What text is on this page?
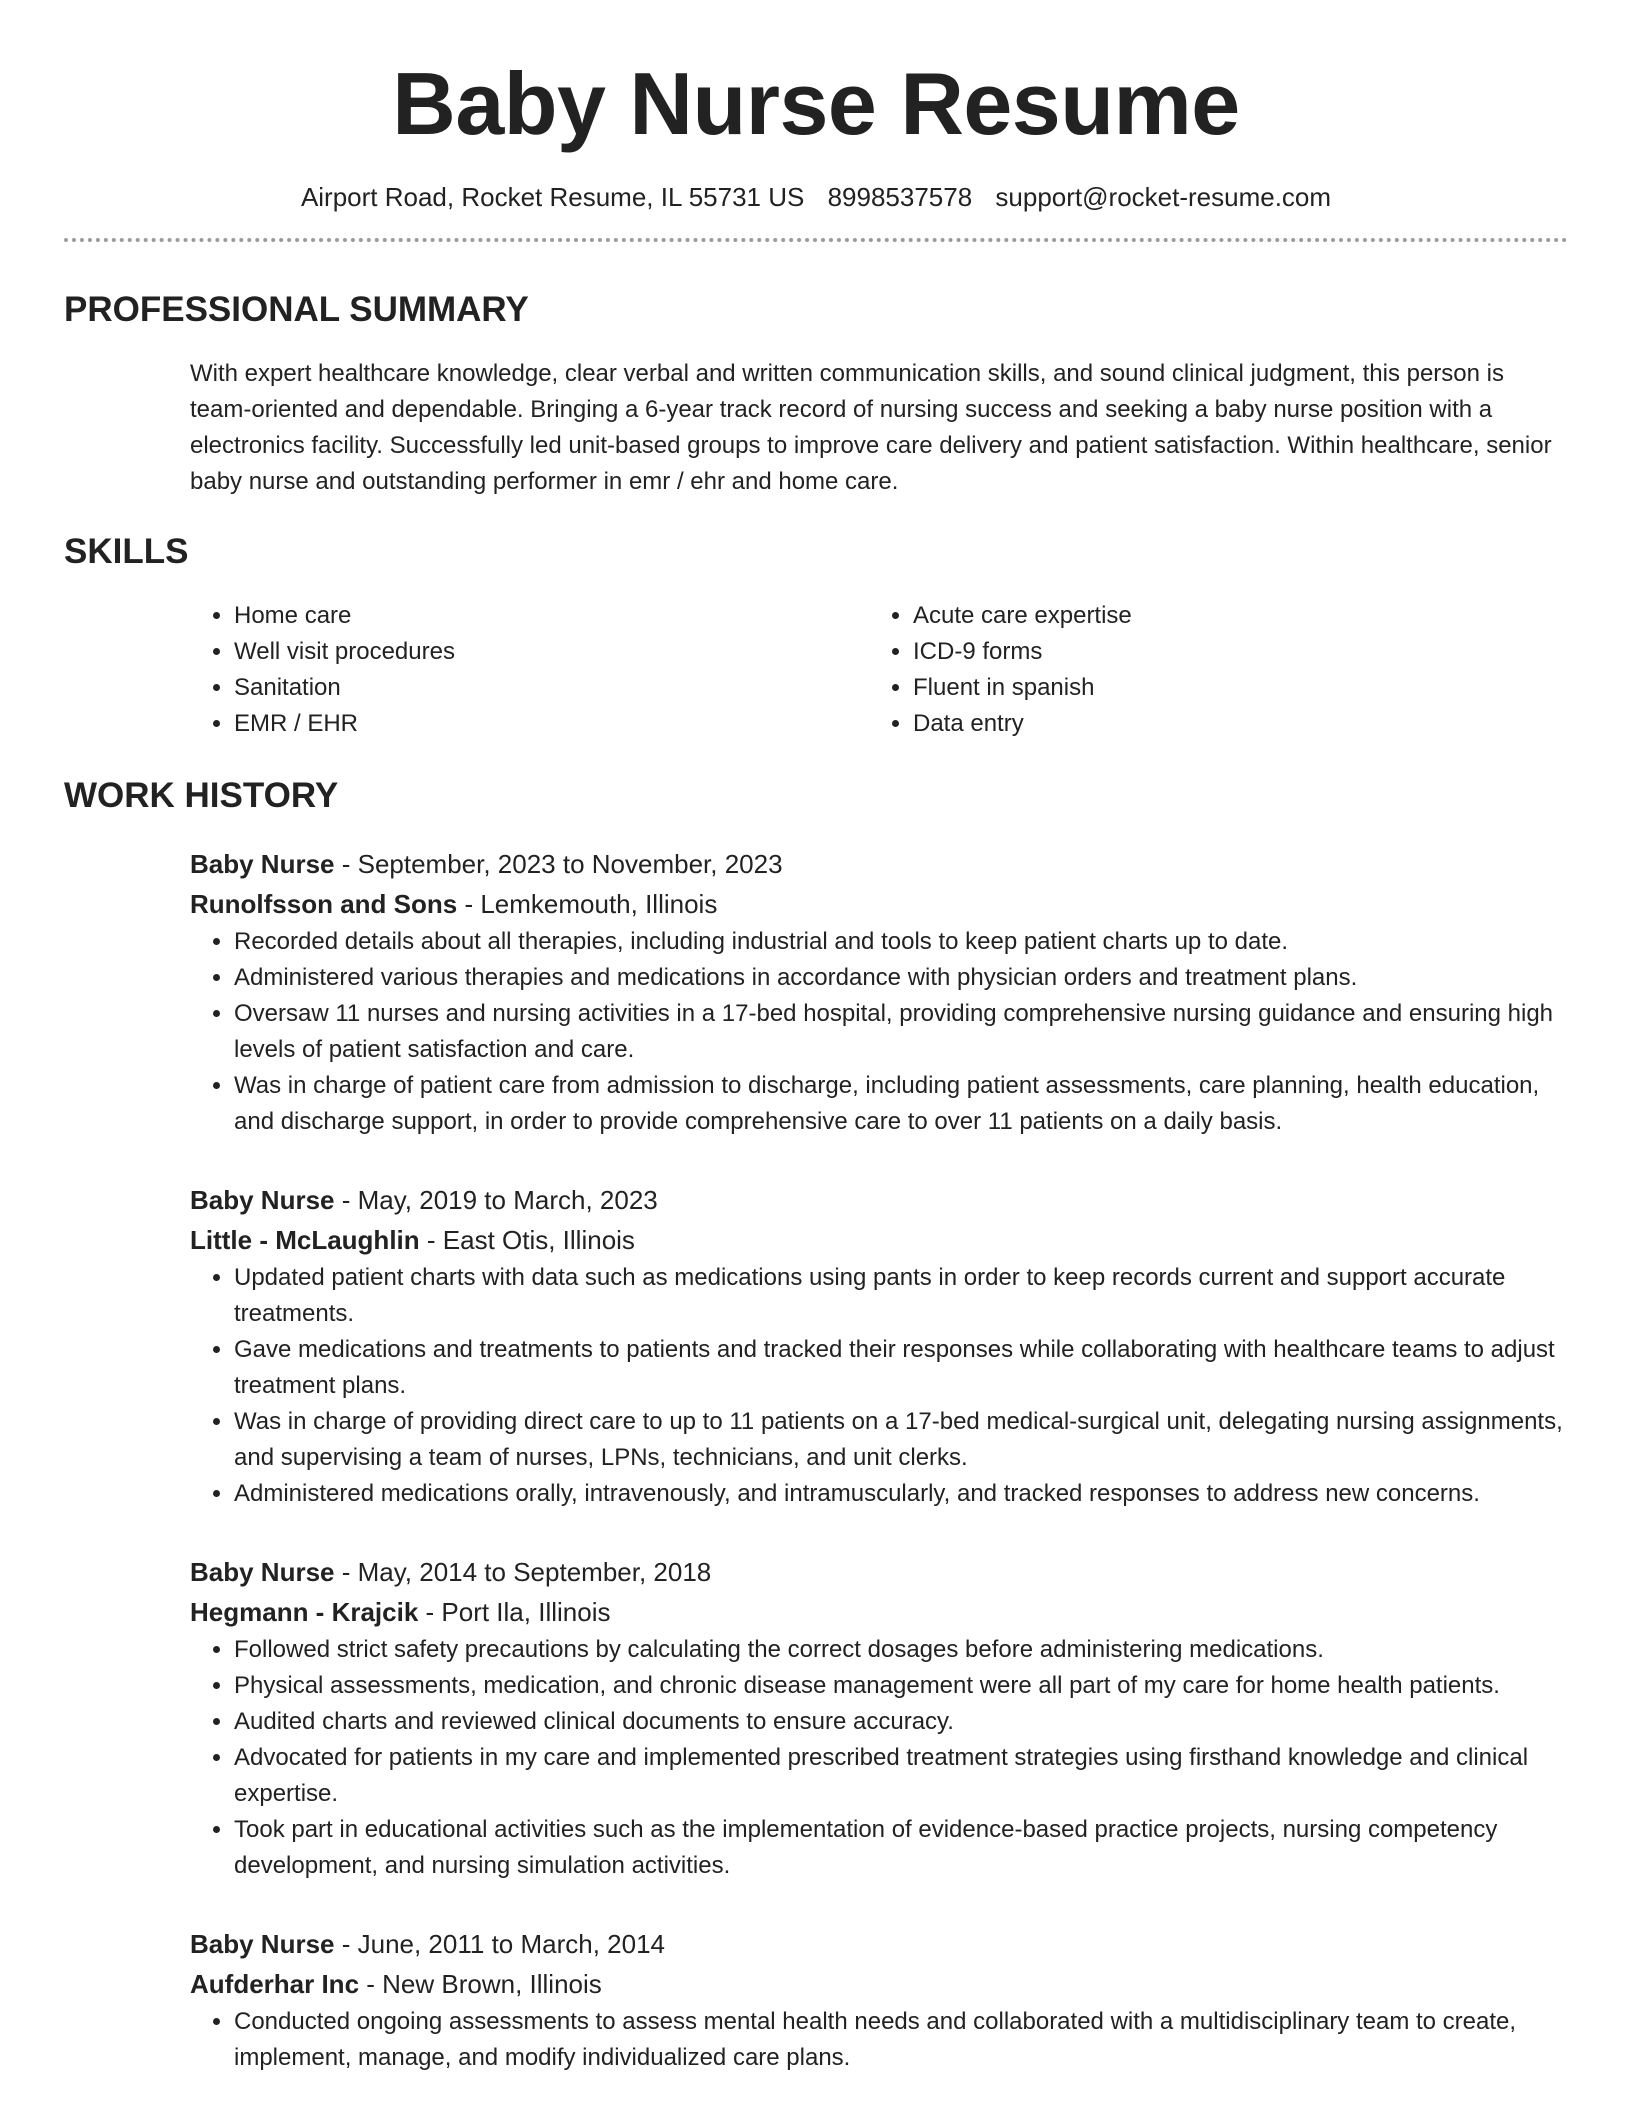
Baby Nurse Resume
Airport Road, Rocket Resume, IL 55731 US 8998537578 support@rocket-resume.com
PROFESSIONAL SUMMARY
With expert healthcare knowledge, clear verbal and written communication skills, and sound clinical judgment, this person is team-oriented and dependable. Bringing a 6-year track record of nursing success and seeking a baby nurse position with a electronics facility. Successfully led unit-based groups to improve care delivery and patient satisfaction. Within healthcare, senior baby nurse and outstanding performer in emr / ehr and home care.
SKILLS
• Home care
• Well visit procedures
• Sanitation
• EMR / EHR
• Acute care expertise
• ICD-9 forms
• Fluent in spanish
• Data entry
WORK HISTORY
Baby Nurse - September, 2023 to November, 2023
Runolfsson and Sons - Lemkemouth, Illinois
• Recorded details about all therapies, including industrial and tools to keep patient charts up to date.
• Administered various therapies and medications in accordance with physician orders and treatment plans.
• Oversaw 11 nurses and nursing activities in a 17-bed hospital, providing comprehensive nursing guidance and ensuring high levels of patient satisfaction and care.
• Was in charge of patient care from admission to discharge, including patient assessments, care planning, health education, and discharge support, in order to provide comprehensive care to over 11 patients on a daily basis.
Baby Nurse - May, 2019 to March, 2023
Little - McLaughlin - East Otis, Illinois
• Updated patient charts with data such as medications using pants in order to keep records current and support accurate treatments.
• Gave medications and treatments to patients and tracked their responses while collaborating with healthcare teams to adjust treatment plans.
• Was in charge of providing direct care to up to 11 patients on a 17-bed medical-surgical unit, delegating nursing assignments, and supervising a team of nurses, LPNs, technicians, and unit clerks.
• Administered medications orally, intravenously, and intramuscularly, and tracked responses to address new concerns.
Baby Nurse - May, 2014 to September, 2018
Hegmann - Krajcik - Port Ila, Illinois
• Followed strict safety precautions by calculating the correct dosages before administering medications.
• Physical assessments, medication, and chronic disease management were all part of my care for home health patients.
• Audited charts and reviewed clinical documents to ensure accuracy.
• Advocated for patients in my care and implemented prescribed treatment strategies using firsthand knowledge and clinical expertise.
• Took part in educational activities such as the implementation of evidence-based practice projects, nursing competency development, and nursing simulation activities.
Baby Nurse - June, 2011 to March, 2014
Aufderhar Inc - New Brown, Illinois
• Conducted ongoing assessments to assess mental health needs and collaborated with a multidisciplinary team to create, implement, manage, and modify individualized care plans.
